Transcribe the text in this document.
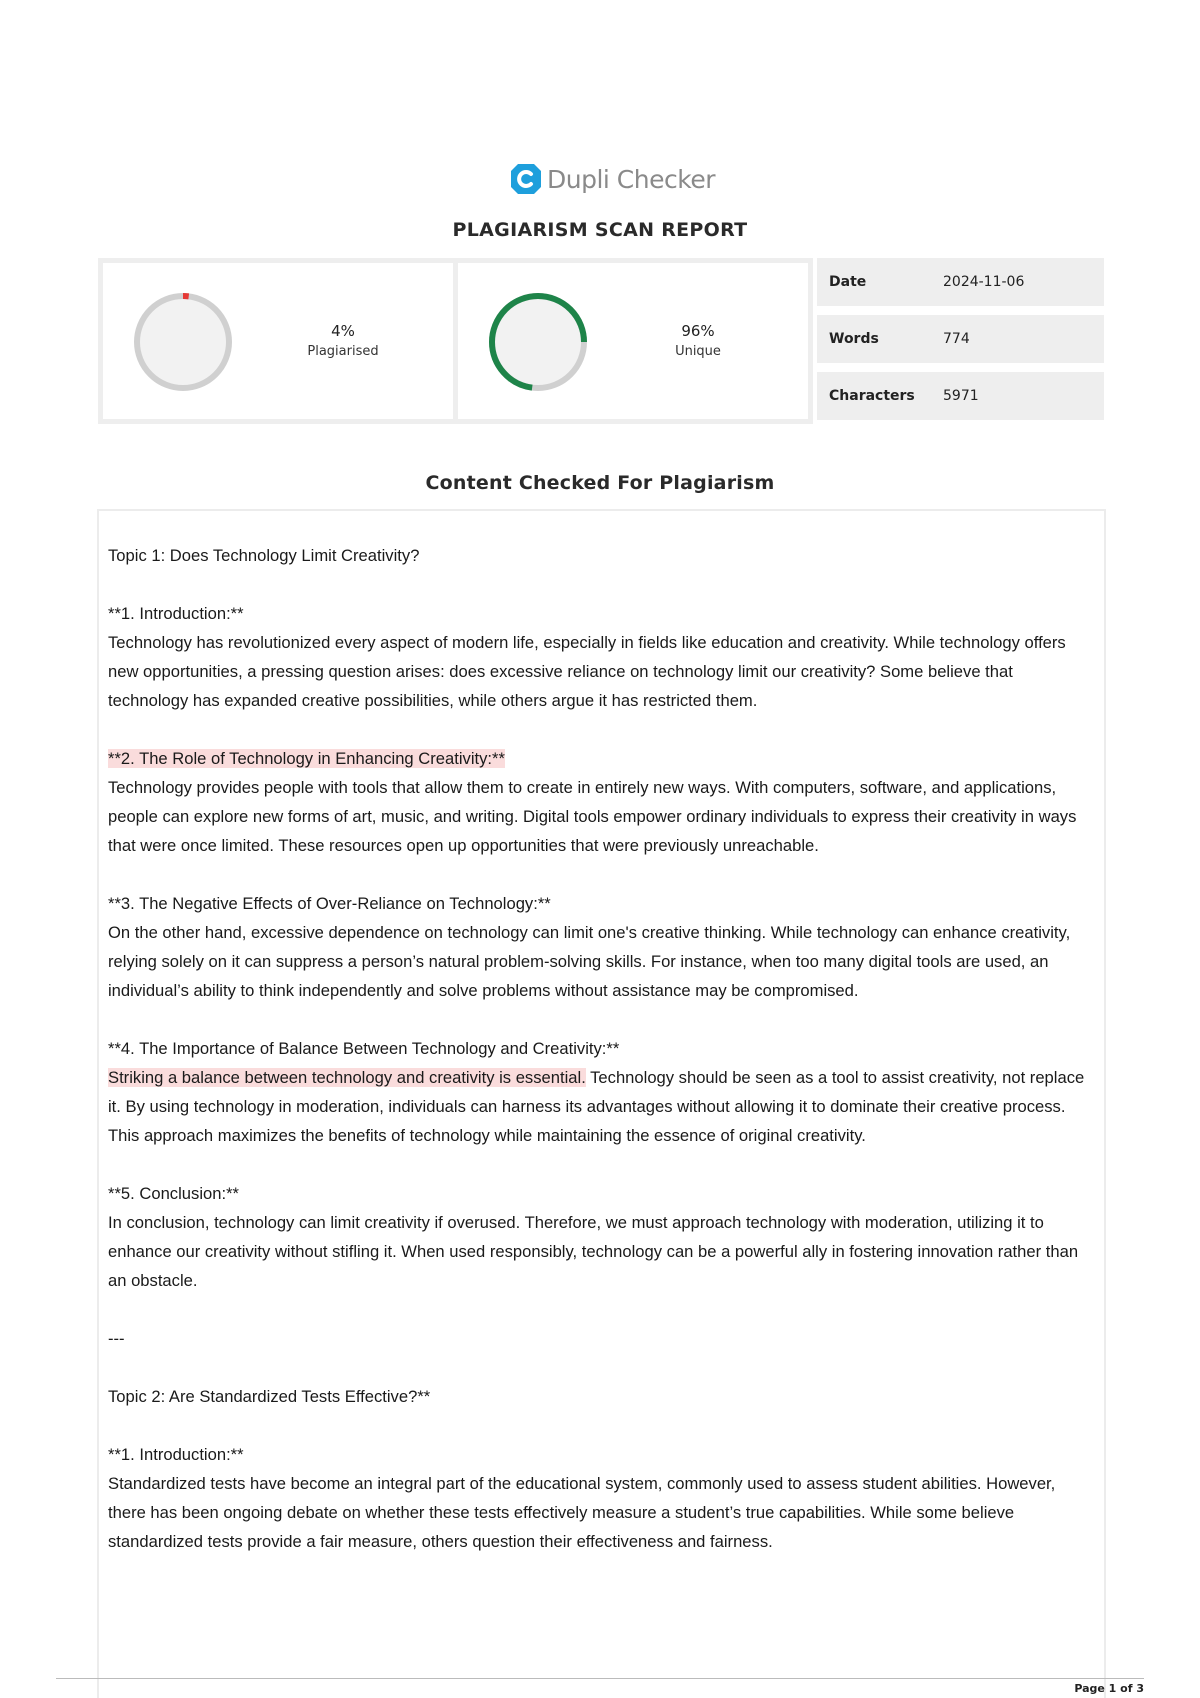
Dupli Checker
PLAGIARISM SCAN REPORT
4%
Plagiarised
96%
Unique
Date	2024-11-06
Words	774
Characters	5971
Content Checked For Plagiarism

Topic 1: Does Technology Limit Creativity?

**1. Introduction:**
Technology has revolutionized every aspect of modern life, especially in fields like education and creativity. While technology offers new opportunities, a pressing question arises: does excessive reliance on technology limit our creativity? Some believe that technology has expanded creative possibilities, while others argue it has restricted them.

**2. The Role of Technology in Enhancing Creativity:**
Technology provides people with tools that allow them to create in entirely new ways. With computers, software, and applications, people can explore new forms of art, music, and writing. Digital tools empower ordinary individuals to express their creativity in ways that were once limited. These resources open up opportunities that were previously unreachable.

**3. The Negative Effects of Over-Reliance on Technology:**
On the other hand, excessive dependence on technology can limit one's creative thinking. While technology can enhance creativity, relying solely on it can suppress a person’s natural problem-solving skills. For instance, when too many digital tools are used, an individual’s ability to think independently and solve problems without assistance may be compromised.

**4. The Importance of Balance Between Technology and Creativity:**
Striking a balance between technology and creativity is essential. Technology should be seen as a tool to assist creativity, not replace it. By using technology in moderation, individuals can harness its advantages without allowing it to dominate their creative process. This approach maximizes the benefits of technology while maintaining the essence of original creativity.

**5. Conclusion:**
In conclusion, technology can limit creativity if overused. Therefore, we must approach technology with moderation, utilizing it to enhance our creativity without stifling it. When used responsibly, technology can be a powerful ally in fostering innovation rather than an obstacle.

---

Topic 2: Are Standardized Tests Effective?**

**1. Introduction:**
Standardized tests have become an integral part of the educational system, commonly used to assess student abilities. However, there has been ongoing debate on whether these tests effectively measure a student’s true capabilities. While some believe standardized tests provide a fair measure, others question their effectiveness and fairness.

Page 1 of 3
